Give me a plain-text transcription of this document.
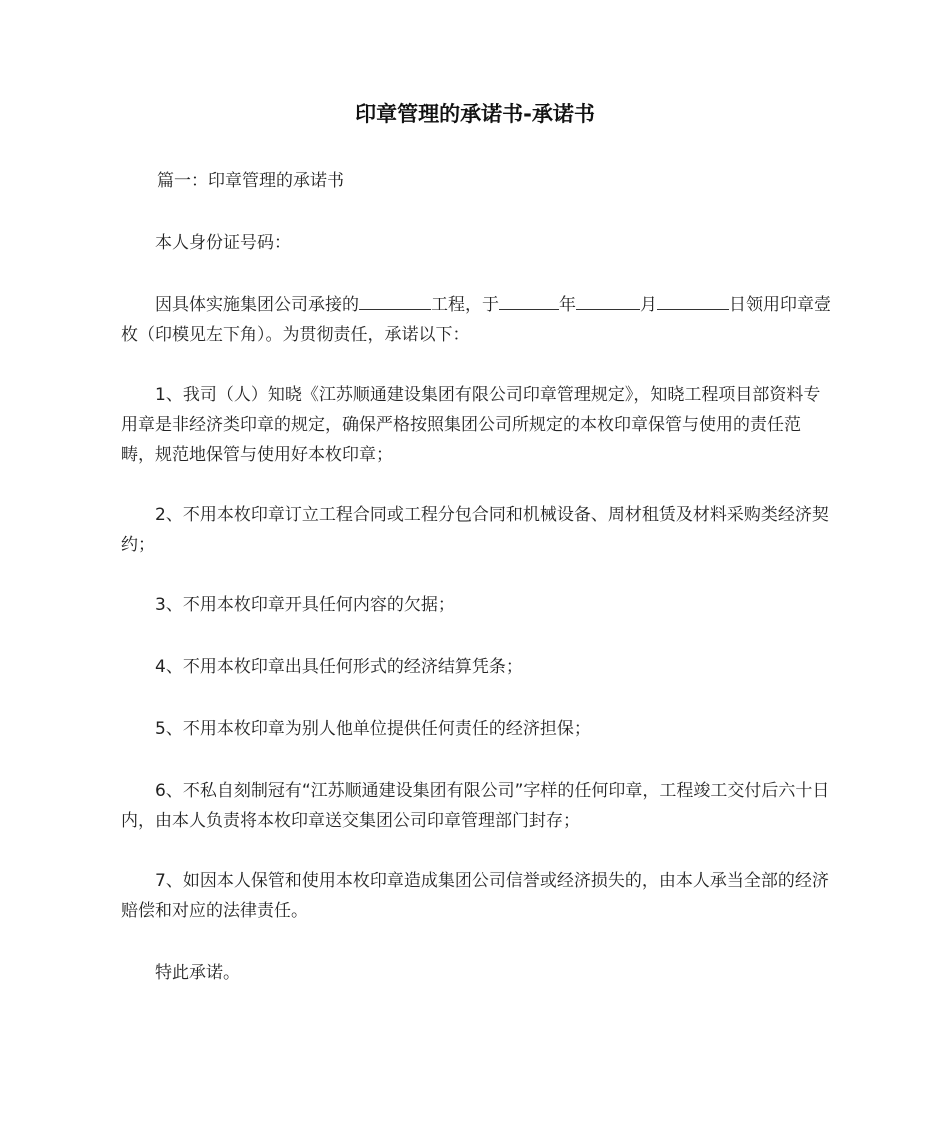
印章管理的承诺书-承诺书
篇一：印章管理的承诺书
本人身份证号码：
因具体实施集团公司承接的	工程，于	年	月	日领用印章壹枚（印模见左下角）。为贯彻责任，承诺以下：
1、我司（人）知晓《江苏顺通建设集团有限公司印章管理规定》，知晓工程项目部资料专用章是非经济类印章的规定，确保严格按照集团公司所规定的本枚印章保管与使用的责任范畴，规范地保管与使用好本枚印章；
2、不用本枚印章订立工程合同或工程分包合同和机械设备、周材租赁及材料采购类经济契约；
3、不用本枚印章开具任何内容的欠据；
4、不用本枚印章出具任何形式的经济结算凭条；
5、不用本枚印章为别人他单位提供任何责任的经济担保；
6、不私自刻制冠有“江苏顺通建设集团有限公司”字样的任何印章，工程竣工交付后六十日内，由本人负责将本枚印章送交集团公司印章管理部门封存；
7、如因本人保管和使用本枚印章造成集团公司信誉或经济损失的，由本人承当全部的经济赔偿和对应的法律责任。
特此承诺。
